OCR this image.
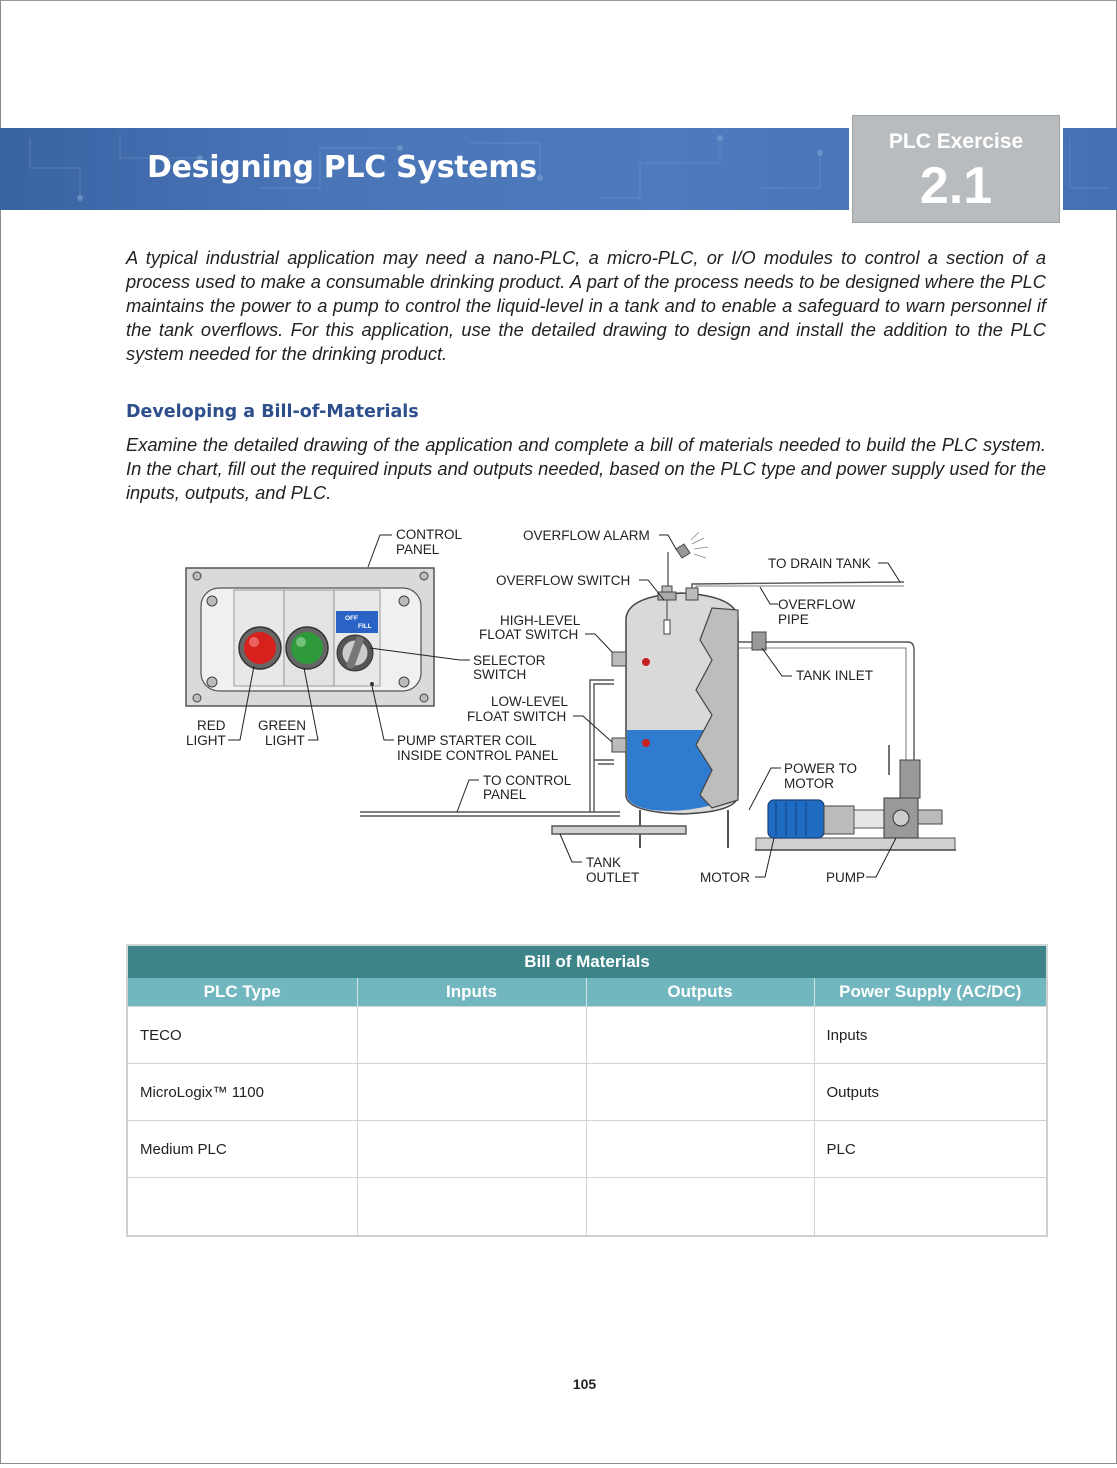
Designing PLC Systems
PLC Exercise
2.1

A typical industrial application may need a nano-PLC, a micro-PLC, or I/O modules to control a section of a process used to make a consumable drinking product. A part of the process needs to be designed where the PLC maintains the power to a pump to control the liquid-level in a tank and to enable a safeguard to warn personnel if the tank overflows. For this application, use the detailed drawing to design and install the addition to the PLC system needed for the drinking product.

Developing a Bill-of-Materials

Examine the detailed drawing of the application and complete a bill of materials needed to build the PLC system. In the chart, fill out the required inputs and outputs needed, based on the PLC type and power supply used for the inputs, outputs, and PLC.

OFF
FILL
CONTROL
PANEL
OVERFLOW ALARM
TO DRAIN TANK
OVERFLOW SWITCH
OVERFLOW
PIPE
HIGH-LEVEL
FLOAT SWITCH
SELECTOR
SWITCH	TANK INLET
LOW-LEVEL
FLOAT SWITCH
RED
LIGHT
GREEN
LIGHT	PUMP STARTER COIL
INSIDE CONTROL PANEL
POWER TO
MOTOR
TO CONTROL
PANEL
TANK
OUTLET	MOTOR	PUMP
Bill of Materials			
PLC Type	Inputs	Outputs	Power Supply (AC/DC)
TECO			Inputs
MicroLogix™ 1100			Outputs
Medium PLC			PLC

105
